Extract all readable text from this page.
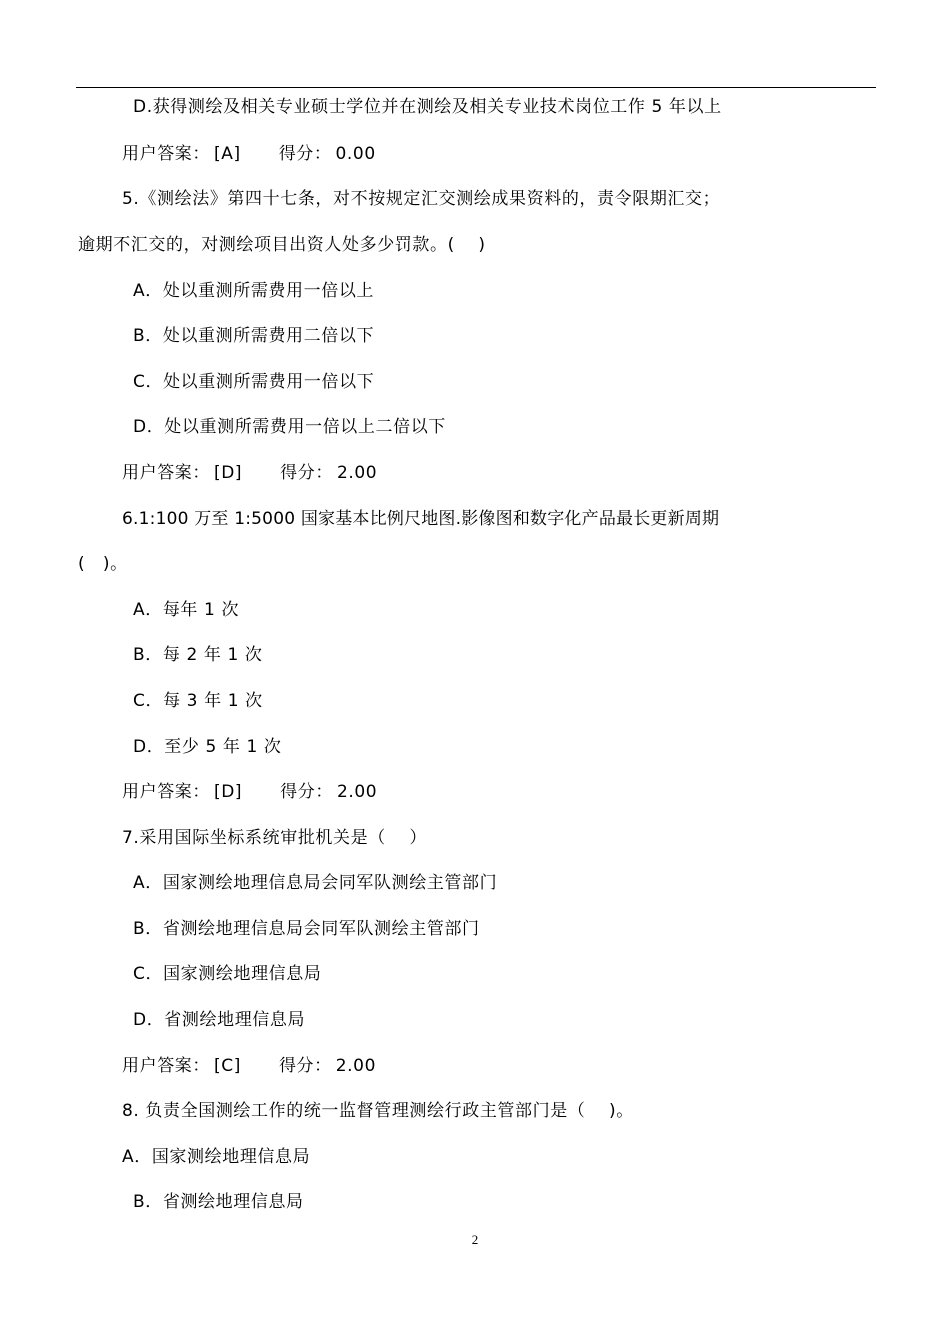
D.获得测绘及相关专业硕士学位并在测绘及相关专业技术岗位工作 5 年以上
用户答案： [A] 得分： 0.00
5.《测绘法》第四十七条，对不按规定汇交测绘成果资料的，责令限期汇交；
逾期不汇交的，对测绘项目出资人处多少罚款。(　 )
A．处以重测所需费用一倍以上
B．处以重测所需费用二倍以下
C．处以重测所需费用一倍以下
D．处以重测所需费用一倍以上二倍以下
用户答案： [D] 得分： 2.00
6.1:100 万至 1:5000 国家基本比例尺地图.影像图和数字化产品最长更新周期
(　)。
A．每年 1 次
B．每 2 年 1 次
C．每 3 年 1 次
D．至少 5 年 1 次
用户答案： [D] 得分： 2.00
7.采用国际坐标系统审批机关是（　 ）
A．国家测绘地理信息局会同军队测绘主管部门
B．省测绘地理信息局会同军队测绘主管部门
C．国家测绘地理信息局
D．省测绘地理信息局
用户答案： [C] 得分： 2.00
8. 负责全国测绘工作的统一监督管理测绘行政主管部门是（　 )。
A．国家测绘地理信息局
B．省测绘地理信息局
2
